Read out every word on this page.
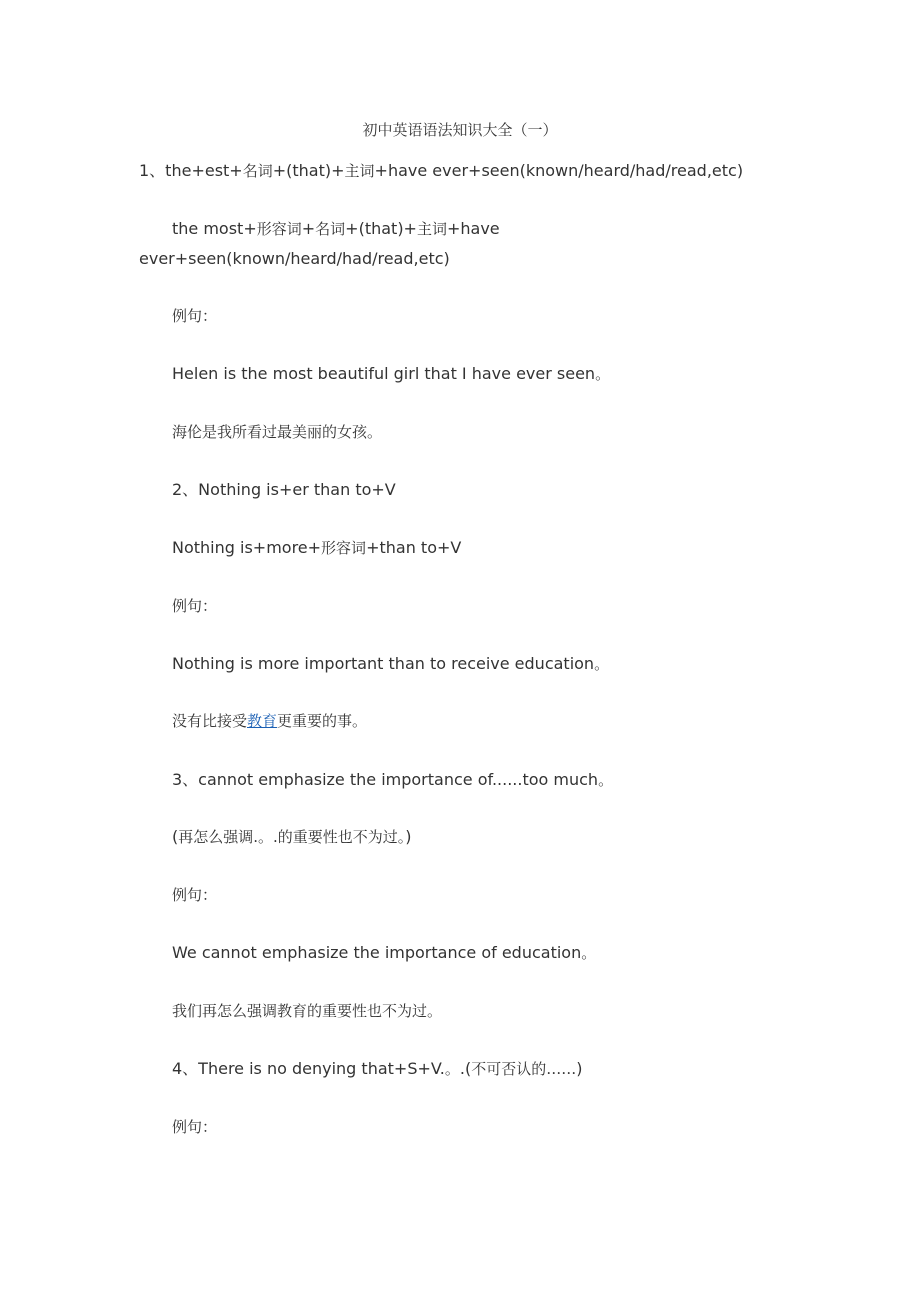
初中英语语法知识大全（一）
1、the+est+名词+(that)+主词+have ever+seen(known/heard/had/read,etc)
the most+形容词+名词+(that)+主词+have
ever+seen(known/heard/had/read,etc)
例句：
Helen is the most beautiful girl that I have ever seen。
海伦是我所看过最美丽的女孩。
2、Nothing is+er than to+V
Nothing is+more+形容词+than to+V
例句：
Nothing is more important than to receive education。
没有比接受教育更重要的事。
3、cannot emphasize the importance of......too much。
(再怎么强调.。.的重要性也不为过。)
例句：
We cannot emphasize the importance of education。
我们再怎么强调教育的重要性也不为过。
4、There is no denying that+S+V.。.(不可否认的……)
例句：
